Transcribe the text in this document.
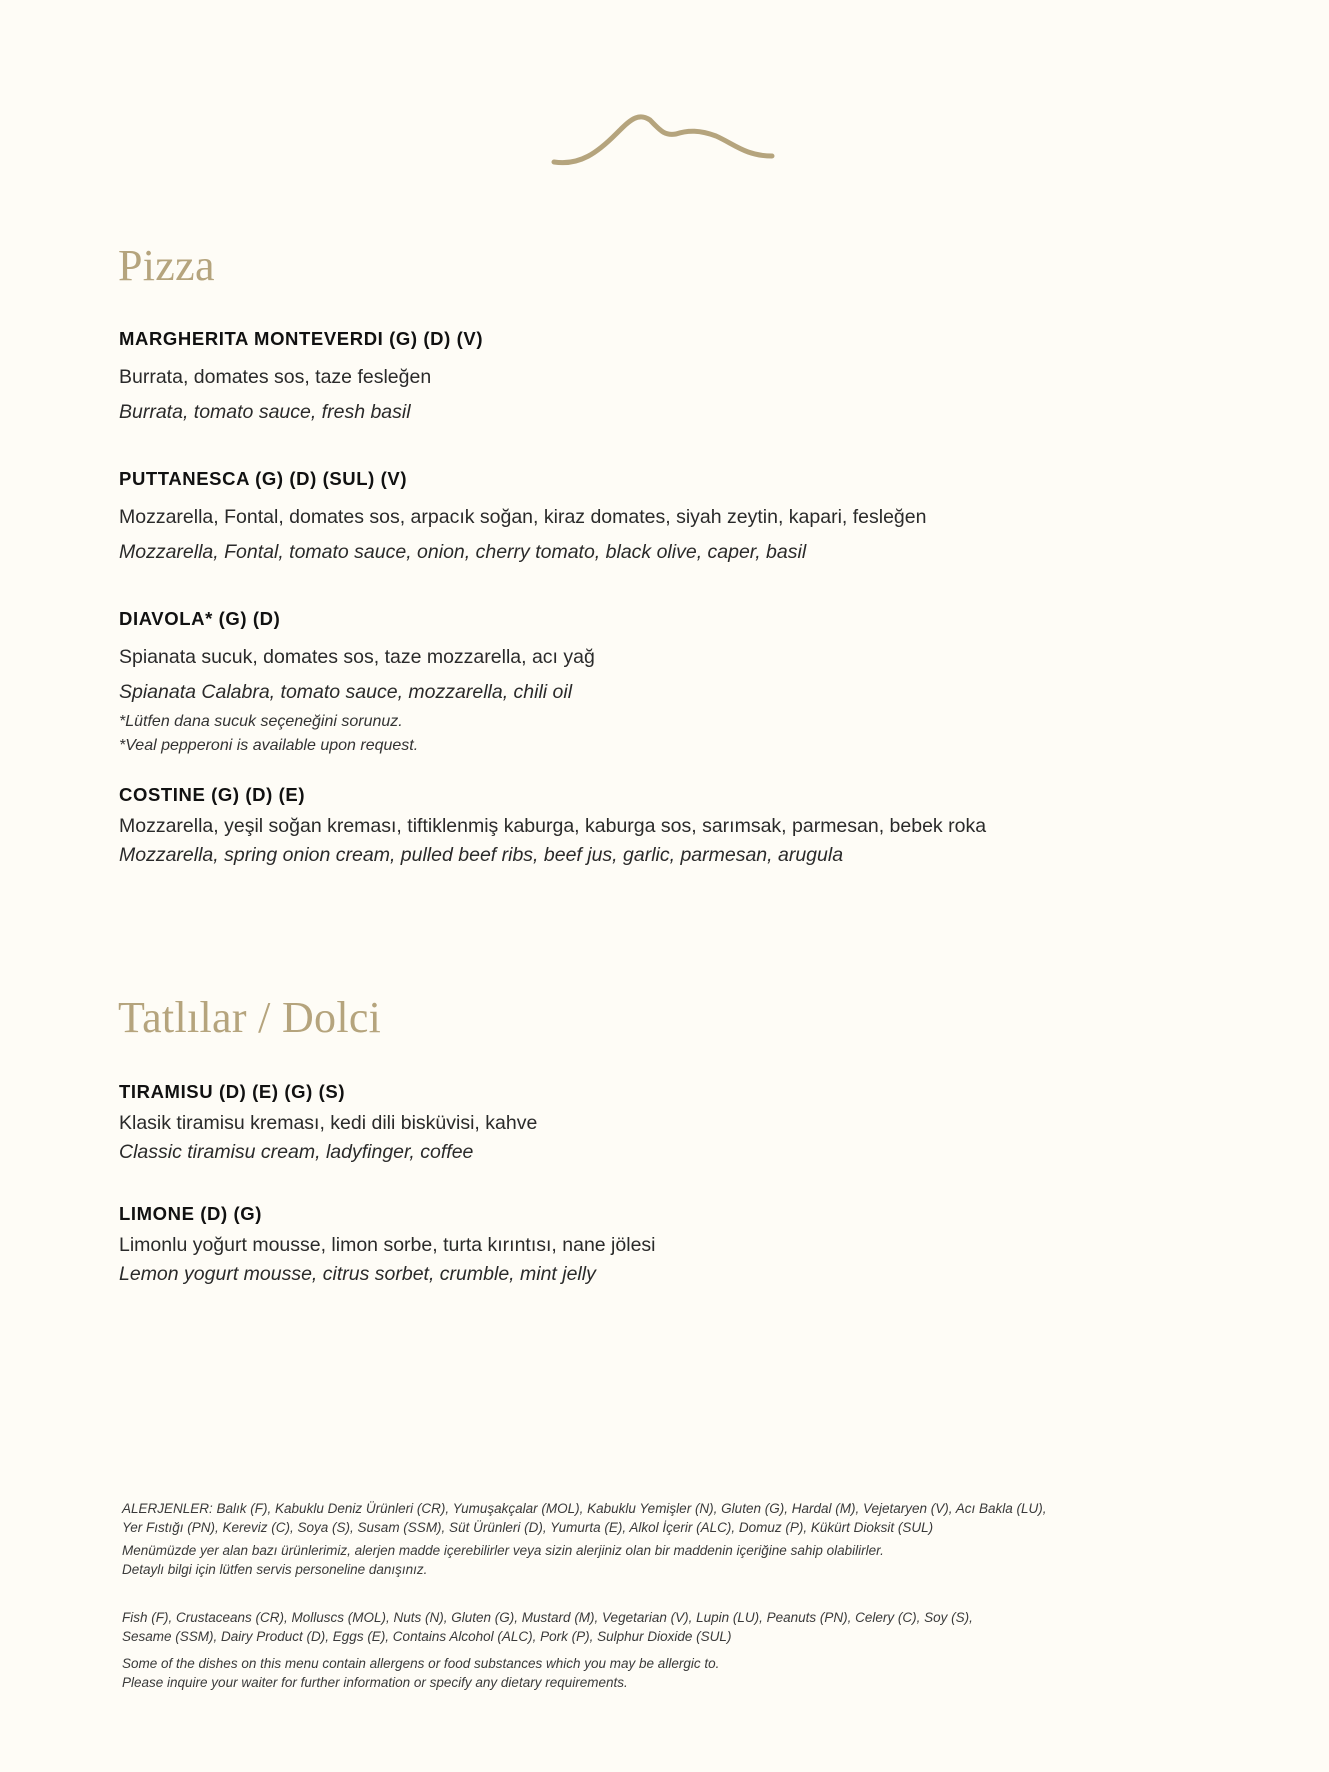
Pizza
MARGHERITA MONTEVERDI (G) (D) (V)
Burrata, domates sos, taze fesleğen
Burrata, tomato sauce, fresh basil
PUTTANESCA (G) (D) (SUL) (V)
Mozzarella, Fontal, domates sos, arpacık soğan, kiraz domates, siyah zeytin, kapari, fesleğen
Mozzarella, Fontal, tomato sauce, onion, cherry tomato, black olive, caper, basil
DIAVOLA* (G) (D)
Spianata sucuk, domates sos, taze mozzarella, acı yağ
Spianata Calabra, tomato sauce, mozzarella, chili oil
*Lütfen dana sucuk seçeneğini sorunuz.
*Veal pepperoni is available upon request.
COSTINE (G) (D) (E)
Mozzarella, yeşil soğan kreması, tiftiklenmiş kaburga, kaburga sos, sarımsak, parmesan, bebek roka
Mozzarella, spring onion cream, pulled beef ribs, beef jus, garlic, parmesan, arugula
Tatlılar / Dolci
TIRAMISU (D) (E) (G) (S)
Klasik tiramisu kreması, kedi dili bisküvisi, kahve
Classic tiramisu cream, ladyfinger, coffee
LIMONE (D) (G)
Limonlu yoğurt mousse, limon sorbe, turta kırıntısı, nane jölesi
Lemon yogurt mousse, citrus sorbet, crumble, mint jelly

ALERJENLER: Balık (F), Kabuklu Deniz Ürünleri (CR), Yumuşakçalar (MOL), Kabuklu Yemişler (N), Gluten (G), Hardal (M), Vejetaryen (V), Acı Bakla (LU),

Yer Fıstığı (PN), Kereviz (C), Soya (S), Susam (SSM), Süt Ürünleri (D), Yumurta (E), Alkol İçerir (ALC), Domuz (P), Kükürt Dioksit (SUL)

Menümüzde yer alan bazı ürünlerimiz, alerjen madde içerebilirler veya sizin alerjiniz olan bir maddenin içeriğine sahip olabilirler.

Detaylı bilgi için lütfen servis personeline danışınız.

Fish (F), Crustaceans (CR), Molluscs (MOL), Nuts (N), Gluten (G), Mustard (M), Vegetarian (V), Lupin (LU), Peanuts (PN), Celery (C), Soy (S),

Sesame (SSM), Dairy Product (D), Eggs (E), Contains Alcohol (ALC), Pork (P), Sulphur Dioxide (SUL)

Some of the dishes on this menu contain allergens or food substances which you may be allergic to.

Please inquire your waiter for further information or specify any dietary requirements.
